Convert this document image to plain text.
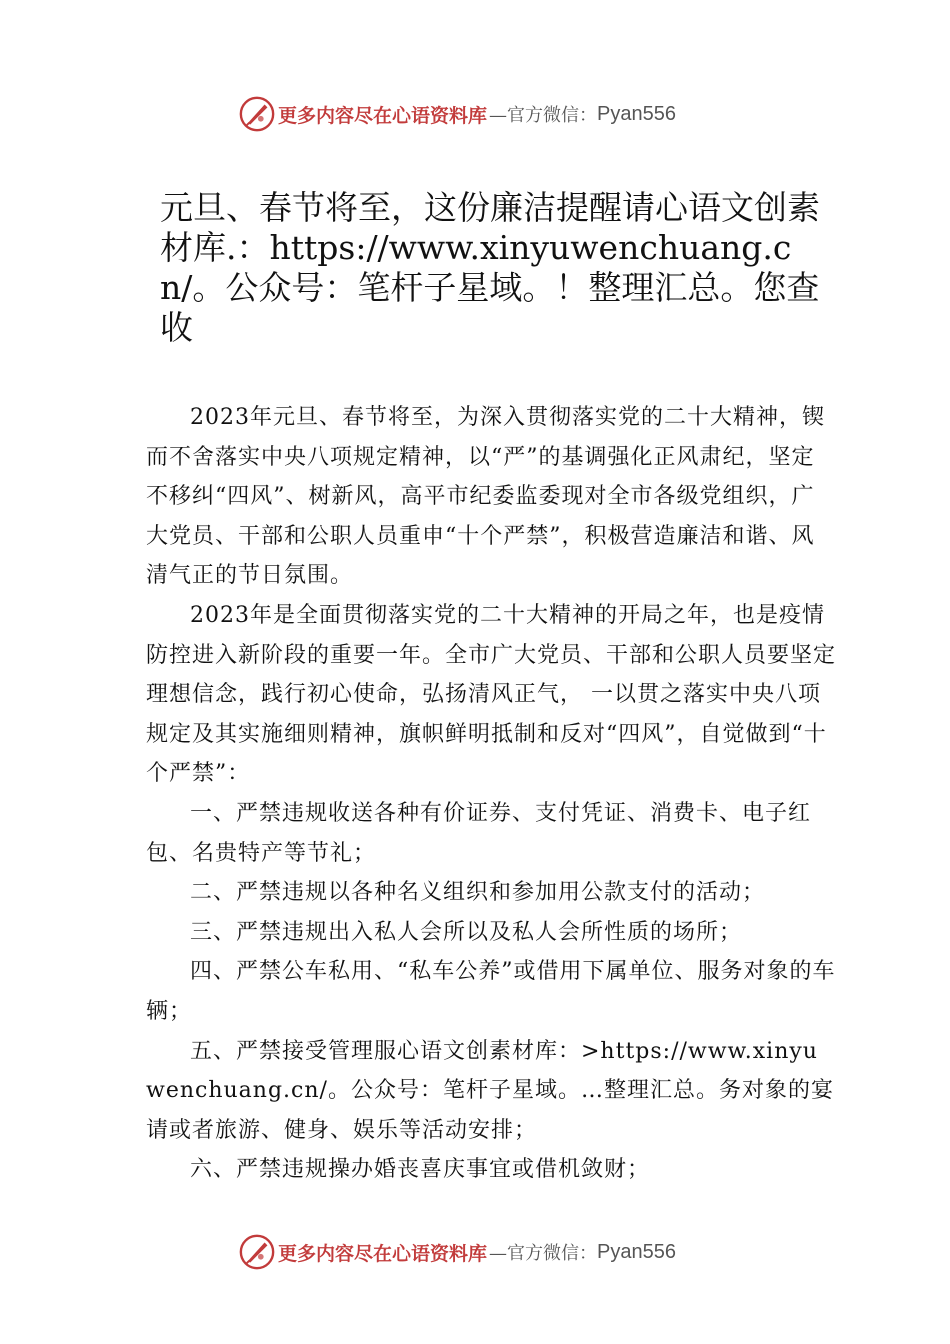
更多内容尽在心语资料库 —官方微信： Pyan556
元旦、春节将至，这份廉洁提醒请心语文创素材库.：https://www.xinyuwenchuang.cn/。公众号：笔杆子星域。！整理汇总。您查收

2023年元旦、春节将至，为深入贯彻落实党的二十大精神，锲而不舍落实中央八项规定精神，以“严”的基调强化正风肃纪，坚定不移纠“四风”、树新风，高平市纪委监委现对全市各级党组织，广大党员、干部和公职人员重申“十个严禁”，积极营造廉洁和谐、风清气正的节日氛围。

2023年是全面贯彻落实党的二十大精神的开局之年，也是疫情防控进入新阶段的重要一年。全市广大党员、干部和公职人员要坚定理想信念，践行初心使命，弘扬清风正气， 一以贯之落实中央八项规定及其实施细则精神，旗帜鲜明抵制和反对“四风”，自觉做到“十个严禁”：

一、严禁违规收送各种有价证券、支付凭证、消费卡、电子红包、名贵特产等节礼；

二、严禁违规以各种名义组织和参加用公款支付的活动；

三、严禁违规出入私人会所以及私人会所性质的场所；

四、严禁公车私用、“私车公养”或借用下属单位、服务对象的车辆；

五、严禁接受管理服心语文创素材库：>https://www.xinyuwenchuang.cn/。公众号：笔杆子星域。…整理汇总。务对象的宴请或者旅游、健身、娱乐等活动安排；

六、严禁违规操办婚丧喜庆事宜或借机敛财；

更多内容尽在心语资料库 —官方微信： Pyan556
